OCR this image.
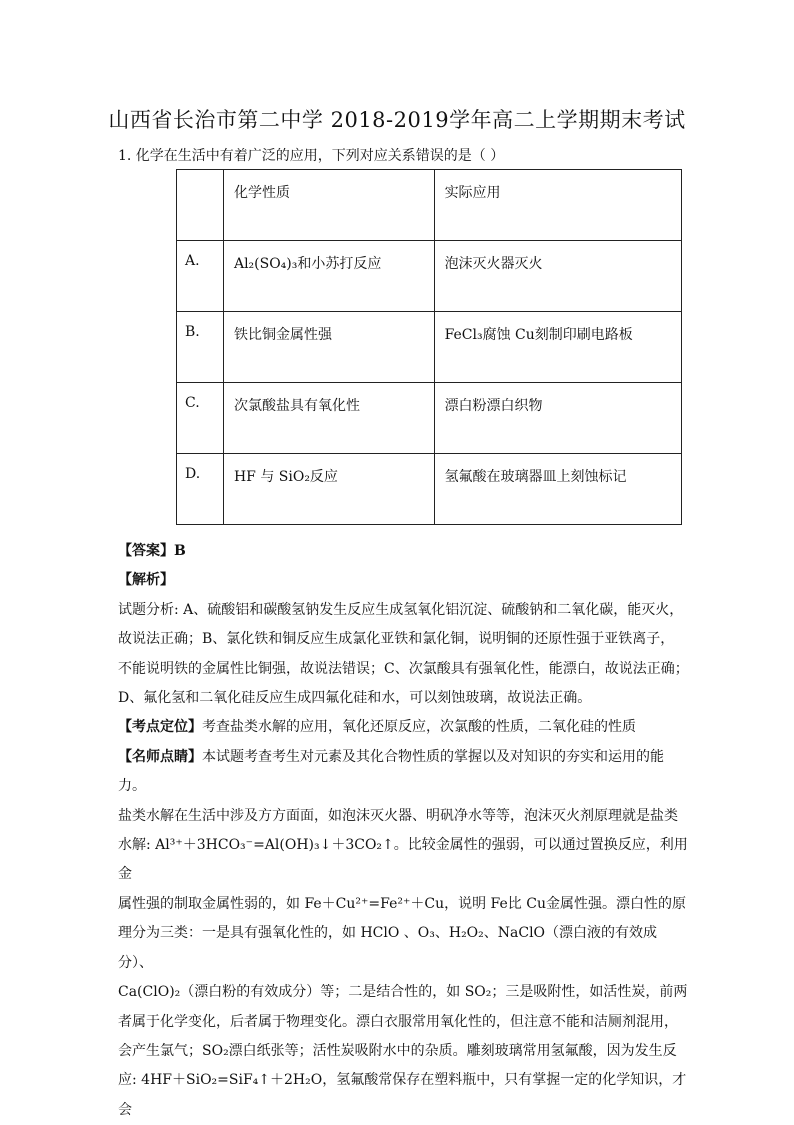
山西省长治市第二中学 2018-2019学年高二上学期期末考试
1. 化学在生活中有着广泛的应用，下列对应关系错误的是（ ）
	化学性质	实际应用
A.	Al₂(SO₄)₃和小苏打反应	泡沫灭火器灭火
B.	铁比铜金属性强	FeCl₃腐蚀 Cu刻制印刷电路板
C.	次氯酸盐具有氧化性	漂白粉漂白织物
D.	HF 与 SiO₂反应	氢氟酸在玻璃器皿上刻蚀标记

【答案】B

【解析】

试题分析: A、硫酸铝和碳酸氢钠发生反应生成氢氧化铝沉淀、硫酸钠和二氧化碳，能灭火，

故说法正确；B、氯化铁和铜反应生成氯化亚铁和氯化铜，说明铜的还原性强于亚铁离子，

不能说明铁的金属性比铜强，故说法错误；C、次氯酸具有强氧化性，能漂白，故说法正确；

D、氟化氢和二氧化硅反应生成四氟化硅和水，可以刻蚀玻璃，故说法正确。

【考点定位】考查盐类水解的应用，氧化还原反应，次氯酸的性质，二氧化硅的性质

【名师点睛】本试题考查考生对元素及其化合物性质的掌握以及对知识的夯实和运用的能力。

盐类水解在生活中涉及方方面面，如泡沫灭火器、明矾净水等等，泡沫灭火剂原理就是盐类

水解: Al³⁺＋3HCO₃⁻=Al(OH)₃↓＋3CO₂↑。比较金属性的强弱，可以通过置换反应，利用金

属性强的制取金属性弱的，如 Fe＋Cu²⁺=Fe²⁺＋Cu，说明 Fe比 Cu金属性强。漂白性的原

理分为三类：一是具有强氧化性的，如 HClO 、O₃、H₂O₂、NaClO（漂白液的有效成分）、

Ca(ClO)₂（漂白粉的有效成分）等；二是结合性的，如 SO₂；三是吸附性，如活性炭，前两

者属于化学变化，后者属于物理变化。漂白衣服常用氧化性的，但注意不能和洁厕剂混用，

会产生氯气；SO₂漂白纸张等；活性炭吸附水中的杂质。雕刻玻璃常用氢氟酸，因为发生反

应: 4HF＋SiO₂=SiF₄↑＋2H₂O，氢氟酸常保存在塑料瓶中，只有掌握一定的化学知识，才会
